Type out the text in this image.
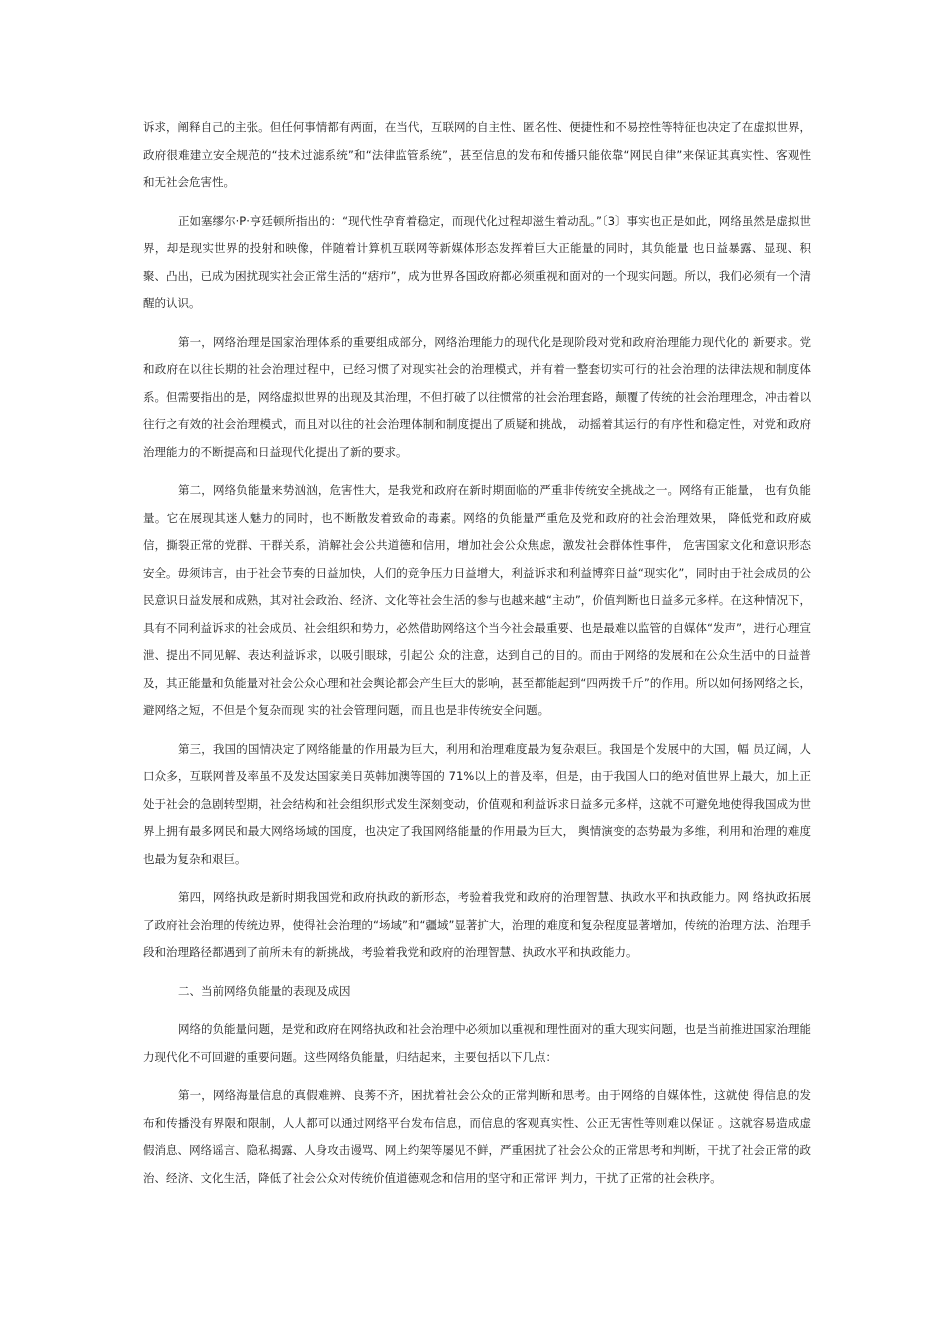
诉求，阐释自己的主张。但任何事情都有两面，在当代，互联网的自主性、匿名性、便捷性和不易控性等特征也决定了在虚拟世界，政府很难建立安全规范的“技术过滤系统”和“法律监管系统”，甚至信息的发布和传播只能依靠“网民自律”来保证其真实性、客观性和无社会危害性。

正如塞缪尔·P·亨廷顿所指出的：“现代性孕育着稳定，而现代化过程却滋生着动乱。”〔3〕事实也正是如此，网络虽然是虚拟世界，却是现实世界的投射和映像，伴随着计算机互联网等新媒体形态发挥着巨大正能量的同时，其负能量 也日益暴露、显现、积聚、凸出，已成为困扰现实社会正常生活的“痞疖”，成为世界各国政府都必须重视和面对的一个现实问题。所以，我们必须有一个清醒的认识。

第一，网络治理是国家治理体系的重要组成部分，网络治理能力的现代化是现阶段对党和政府治理能力现代化的 新要求。党和政府在以往长期的社会治理过程中，已经习惯了对现实社会的治理模式，并有着一整套切实可行的社会治理的法律法规和制度体系。但需要指出的是，网络虚拟世界的出现及其治理，不但打破了以往惯常的社会治理套路，颠覆了传统的社会治理理念，冲击着以往行之有效的社会治理模式，而且对以往的社会治理体制和制度提出了质疑和挑战， 动摇着其运行的有序性和稳定性，对党和政府治理能力的不断提高和日益现代化提出了新的要求。

第二，网络负能量来势汹汹，危害性大，是我党和政府在新时期面临的严重非传统安全挑战之一。网络有正能量， 也有负能量。它在展现其迷人魅力的同时，也不断散发着致命的毒素。网络的负能量严重危及党和政府的社会治理效果， 降低党和政府威信，撕裂正常的党群、干群关系，消解社会公共道德和信用，增加社会公众焦虑，激发社会群体性事件， 危害国家文化和意识形态安全。毋须讳言，由于社会节奏的日益加快，人们的竞争压力日益增大，利益诉求和利益博弈日益“现实化”，同时由于社会成员的公民意识日益发展和成熟，其对社会政治、经济、文化等社会生活的参与也越来越“主动”，价值判断也日益多元多样。在这种情况下，具有不同利益诉求的社会成员、社会组织和势力，必然借助网络这个当今社会最重要、也是最难以监管的自媒体“发声”，进行心理宣泄、提出不同见解、表达利益诉求，以吸引眼球，引起公 众的注意，达到自己的目的。而由于网络的发展和在公众生活中的日益普及，其正能量和负能量对社会公众心理和社会舆论都会产生巨大的影响，甚至都能起到“四两拨千斤”的作用。所以如何扬网络之长，避网络之短，不但是个复杂而现 实的社会管理问题，而且也是非传统安全问题。

第三，我国的国情决定了网络能量的作用最为巨大，利用和治理难度最为复杂艰巨。我国是个发展中的大国，幅 员辽阔，人口众多，互联网普及率虽不及发达国家美日英韩加澳等国的 71%以上的普及率，但是，由于我国人口的绝对值世界上最大，加上正处于社会的急剧转型期，社会结构和社会组织形式发生深刻变动，价值观和利益诉求日益多元多样，这就不可避免地使得我国成为世界上拥有最多网民和最大网络场域的国度，也决定了我国网络能量的作用最为巨大， 舆情演变的态势最为多维，利用和治理的难度也最为复杂和艰巨。

第四，网络执政是新时期我国党和政府执政的新形态，考验着我党和政府的治理智慧、执政水平和执政能力。网 络执政拓展了政府社会治理的传统边界，使得社会治理的“场域”和“疆域”显著扩大，治理的难度和复杂程度显著增加，传统的治理方法、治理手段和治理路径都遇到了前所未有的新挑战，考验着我党和政府的治理智慧、执政水平和执政能力。

二、当前网络负能量的表现及成因

网络的负能量问题，是党和政府在网络执政和社会治理中必须加以重视和理性面对的重大现实问题，也是当前推进国家治理能力现代化不可回避的重要问题。这些网络负能量，归结起来，主要包括以下几点：

第一，网络海量信息的真假难辨、良莠不齐，困扰着社会公众的正常判断和思考。由于网络的自媒体性，这就使 得信息的发布和传播没有界限和限制，人人都可以通过网络平台发布信息，而信息的客观真实性、公正无害性等则难以保证 。这就容易造成虚假消息、网络谣言、隐私揭露、人身攻击谩骂、网上约架等屡见不鲜，严重困扰了社会公众的正常思考和判断，干扰了社会正常的政治、经济、文化生活，降低了社会公众对传统价值道德观念和信用的坚守和正常评 判力，干扰了正常的社会秩序。
